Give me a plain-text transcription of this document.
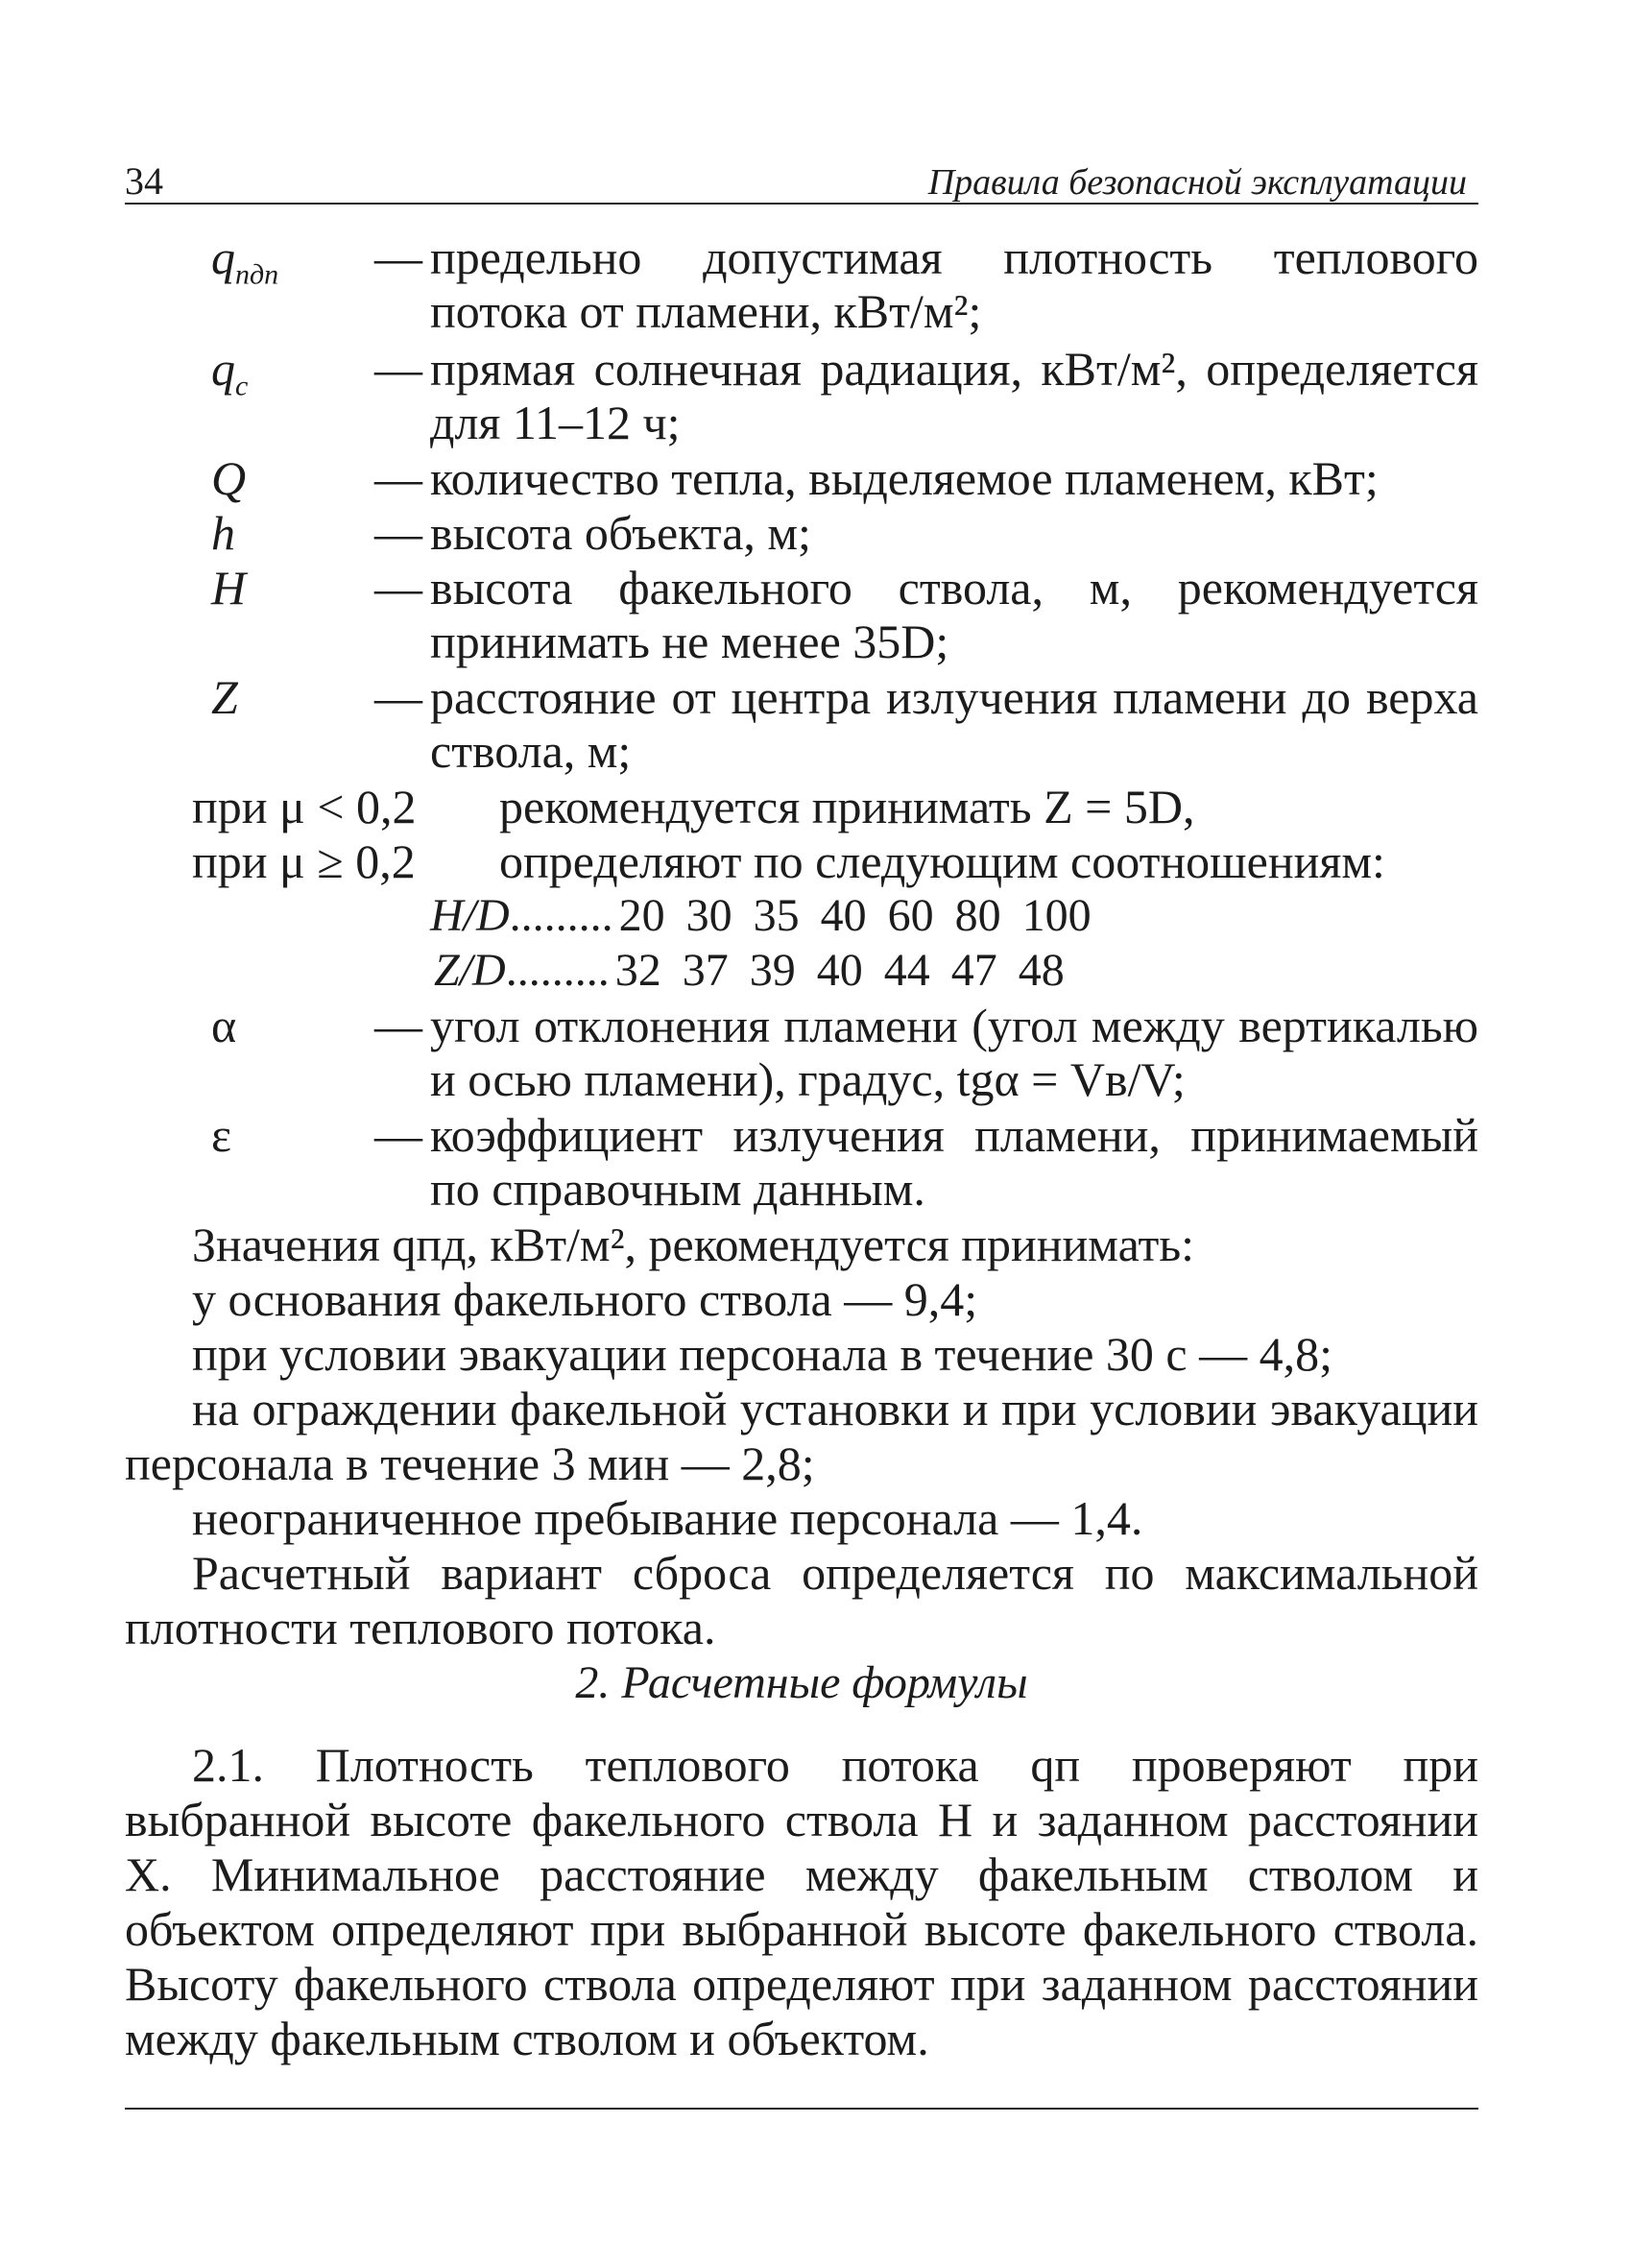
34	Правила безопасной эксплуатации
$q_{пдп}$ — предельно допустимая плотность теплового потока от пламени, кВт/м²;
$q_с$	— прямая солнечная радиация, кВт/м², определяется для 11–12 ч;
Q	— количество тепла, выделяемое пламенем, кВт;
h	— высота объекта, м;
H	— высота факельного ствола, м, рекомендуется принимать не менее 35D;
Z	— расстояние от центра излучения пламени до верха ствола, м;
при μ < 0,2 рекомендуется принимать Z = 5D,
при μ ≥ 0,2 определяют по следующим соотношениям:
H/D......... 20 30 35 40 60 80 100
Z/D......... 32 37 39 40 44 47 48
α	— угол отклонения пламени (угол между вертикалью и осью пламени), градус, tgα = Vв/V;
ε	— коэффициент излучения пламени, принимаемый по справочным данным.
Значения qпд, кВт/м², рекомендуется принимать:
у основания факельного ствола — 9,4;
при условии эвакуации персонала в течение 30 с — 4,8;
на ограждении факельной установки и при условии эвакуации персонала в течение 3 мин — 2,8;
неограниченное пребывание персонала — 1,4.
Расчетный вариант сброса определяется по максимальной плотности теплового потока.
2. Расчетные формулы
2.1. Плотность теплового потока qп проверяют при выбранной высоте факельного ствола H и заданном расстоянии X. Минимальное расстояние между факельным стволом и объектом определяют при выбранной высоте факельного ствола. Высоту факельного ствола определяют при заданном расстоянии между факельным стволом и объектом.
